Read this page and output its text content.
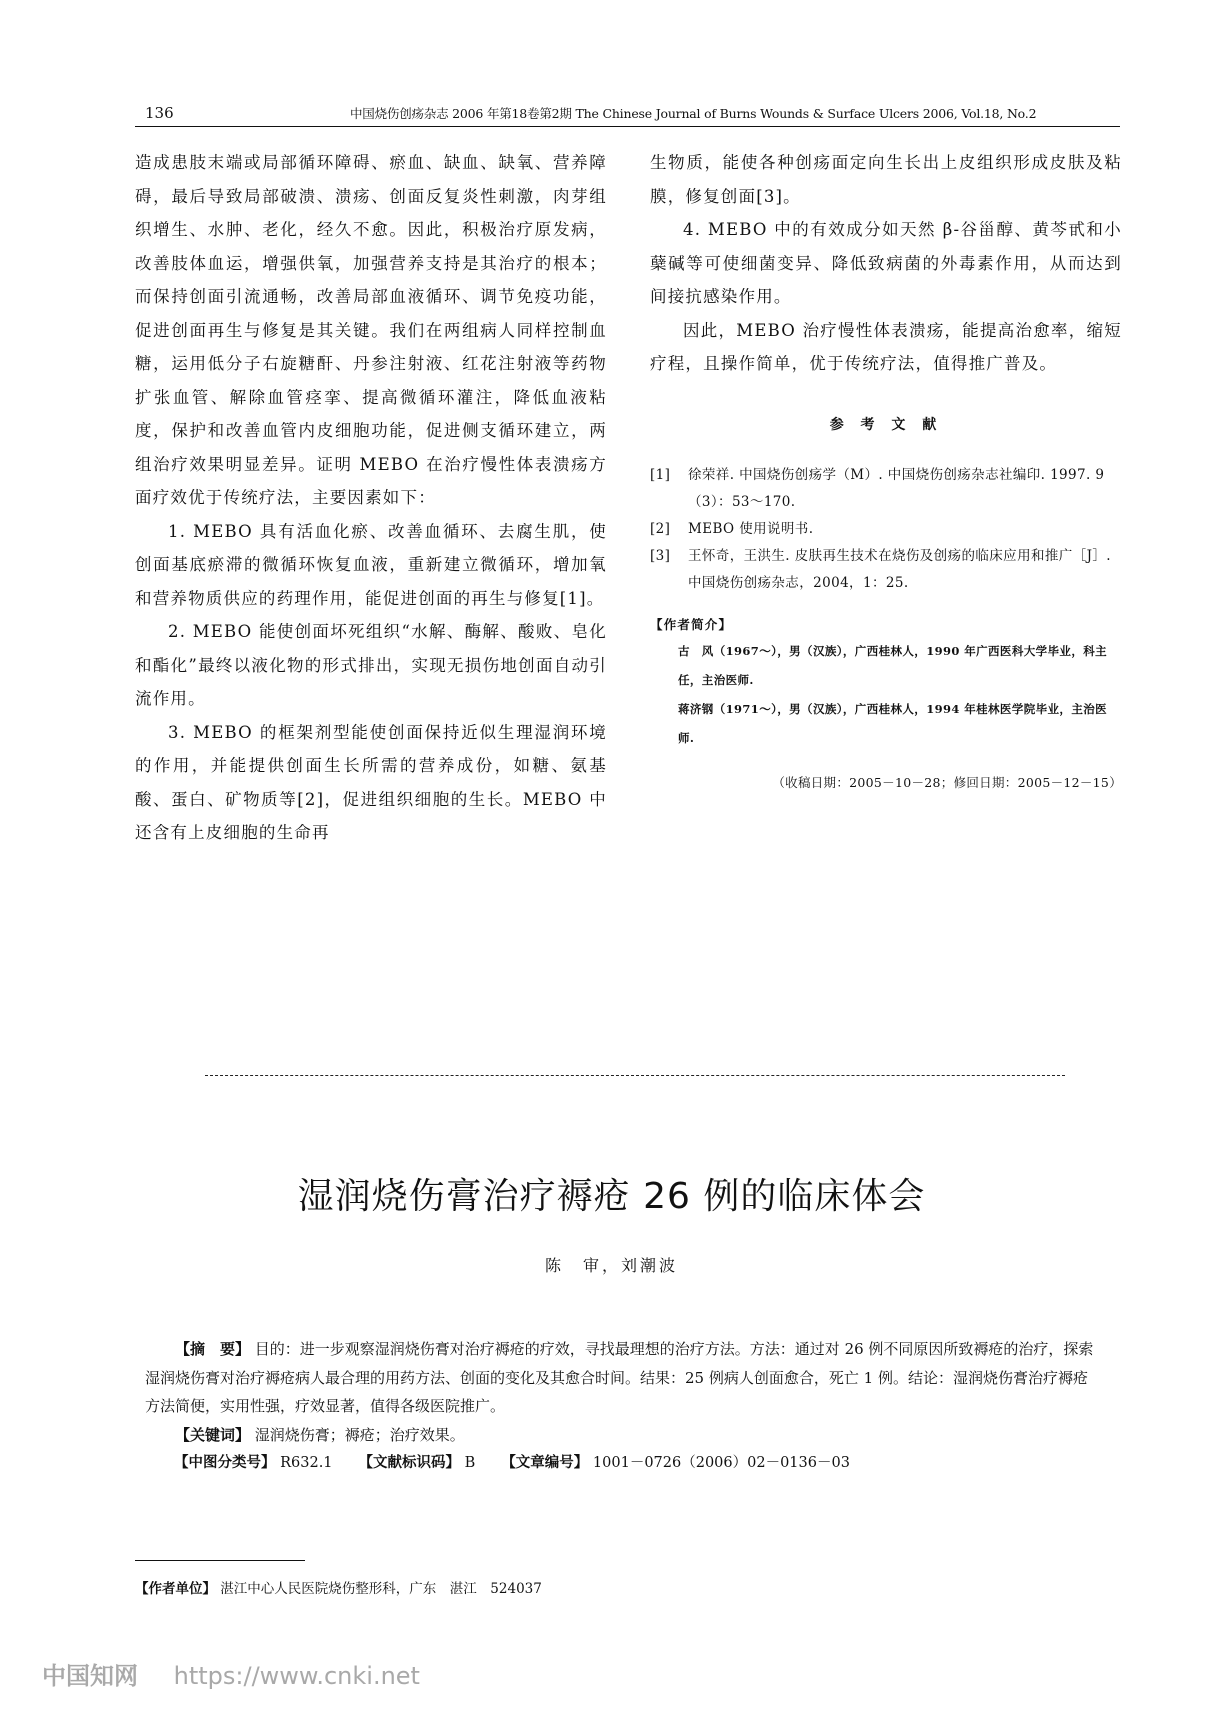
136	中国烧伤创疡杂志 2006 年第18卷第2期 The Chinese Journal of Burns Wounds & Surface Ulcers 2006, Vol.18, No.2

造成患肢末端或局部循环障碍、瘀血、缺血、缺氧、营养障碍，最后导致局部破溃、溃疡、创面反复炎性刺激，肉芽组织增生、水肿、老化，经久不愈。因此，积极治疗原发病，改善肢体血运，增强供氧，加强营养支持是其治疗的根本；而保持创面引流通畅，改善局部血液循环、调节免疫功能，促进创面再生与修复是其关键。我们在两组病人同样控制血糖，运用低分子右旋糖酐、丹参注射液、红花注射液等药物扩张血管、解除血管痉挛、提高微循环灌注，降低血液粘度，保护和改善血管内皮细胞功能，促进侧支循环建立，两组治疗效果明显差异。证明 MEBO 在治疗慢性体表溃疡方面疗效优于传统疗法，主要因素如下：

1. MEBO 具有活血化瘀、改善血循环、去腐生肌，使创面基底瘀滞的微循环恢复血液，重新建立微循环，增加氧和营养物质供应的药理作用，能促进创面的再生与修复[1]。

2. MEBO 能使创面坏死组织“水解、酶解、酸败、皂化和酯化”最终以液化物的形式排出，实现无损伤地创面自动引流作用。

3. MEBO 的框架剂型能使创面保持近似生理湿润环境的作用，并能提供创面生长所需的营养成份，如糖、氨基酸、蛋白、矿物质等[2]，促进组织细胞的生长。MEBO 中还含有上皮细胞的生命再

生物质，能使各种创疡面定向生长出上皮组织形成皮肤及粘膜，修复创面[3]。

4. MEBO 中的有效成分如天然 β-谷甾醇、黄芩甙和小蘖碱等可使细菌变异、降低致病菌的外毒素作用，从而达到间接抗感染作用。

因此，MEBO 治疗慢性体表溃疡，能提高治愈率，缩短疗程，且操作简单，优于传统疗法，值得推广普及。

参 考 文 献
[1]	徐荣祥. 中国烧伤创疡学（M）. 中国烧伤创疡杂志社编印. 1997. 9（3）：53～170.
[2]	MEBO 使用说明书.
[3]	王怀奇，王洪生. 皮肤再生技术在烧伤及创疡的临床应用和推广［J］. 中国烧伤创疡杂志，2004，1：25.
【作者简介】
古　风（1967～），男（汉族），广西桂林人，1990 年广西医科大学毕业，科主任，主治医师.
蒋济钢（1971～），男（汉族），广西桂林人，1994 年桂林医学院毕业，主治医师.
（收稿日期：2005－10－28；修回日期：2005－12－15）
湿润烧伤膏治疗褥疮 26 例的临床体会
陈　审，刘潮波

【摘　要】 目的：进一步观察湿润烧伤膏对治疗褥疮的疗效，寻找最理想的治疗方法。方法：通过对 26 例不同原因所致褥疮的治疗，探索湿润烧伤膏对治疗褥疮病人最合理的用药方法、创面的变化及其愈合时间。结果：25 例病人创面愈合，死亡 1 例。结论：湿润烧伤膏治疗褥疮方法简便，实用性强，疗效显著，值得各级医院推广。

【关键词】 湿润烧伤膏；褥疮；治疗效果。

【中图分类号】 R632.1 【文献标识码】 B 【文章编号】 1001－0726（2006）02－0136－03
【作者单位】 湛江中心人民医院烧伤整形科，广东　湛江　524037
中国知网 https://www.cnki.net
